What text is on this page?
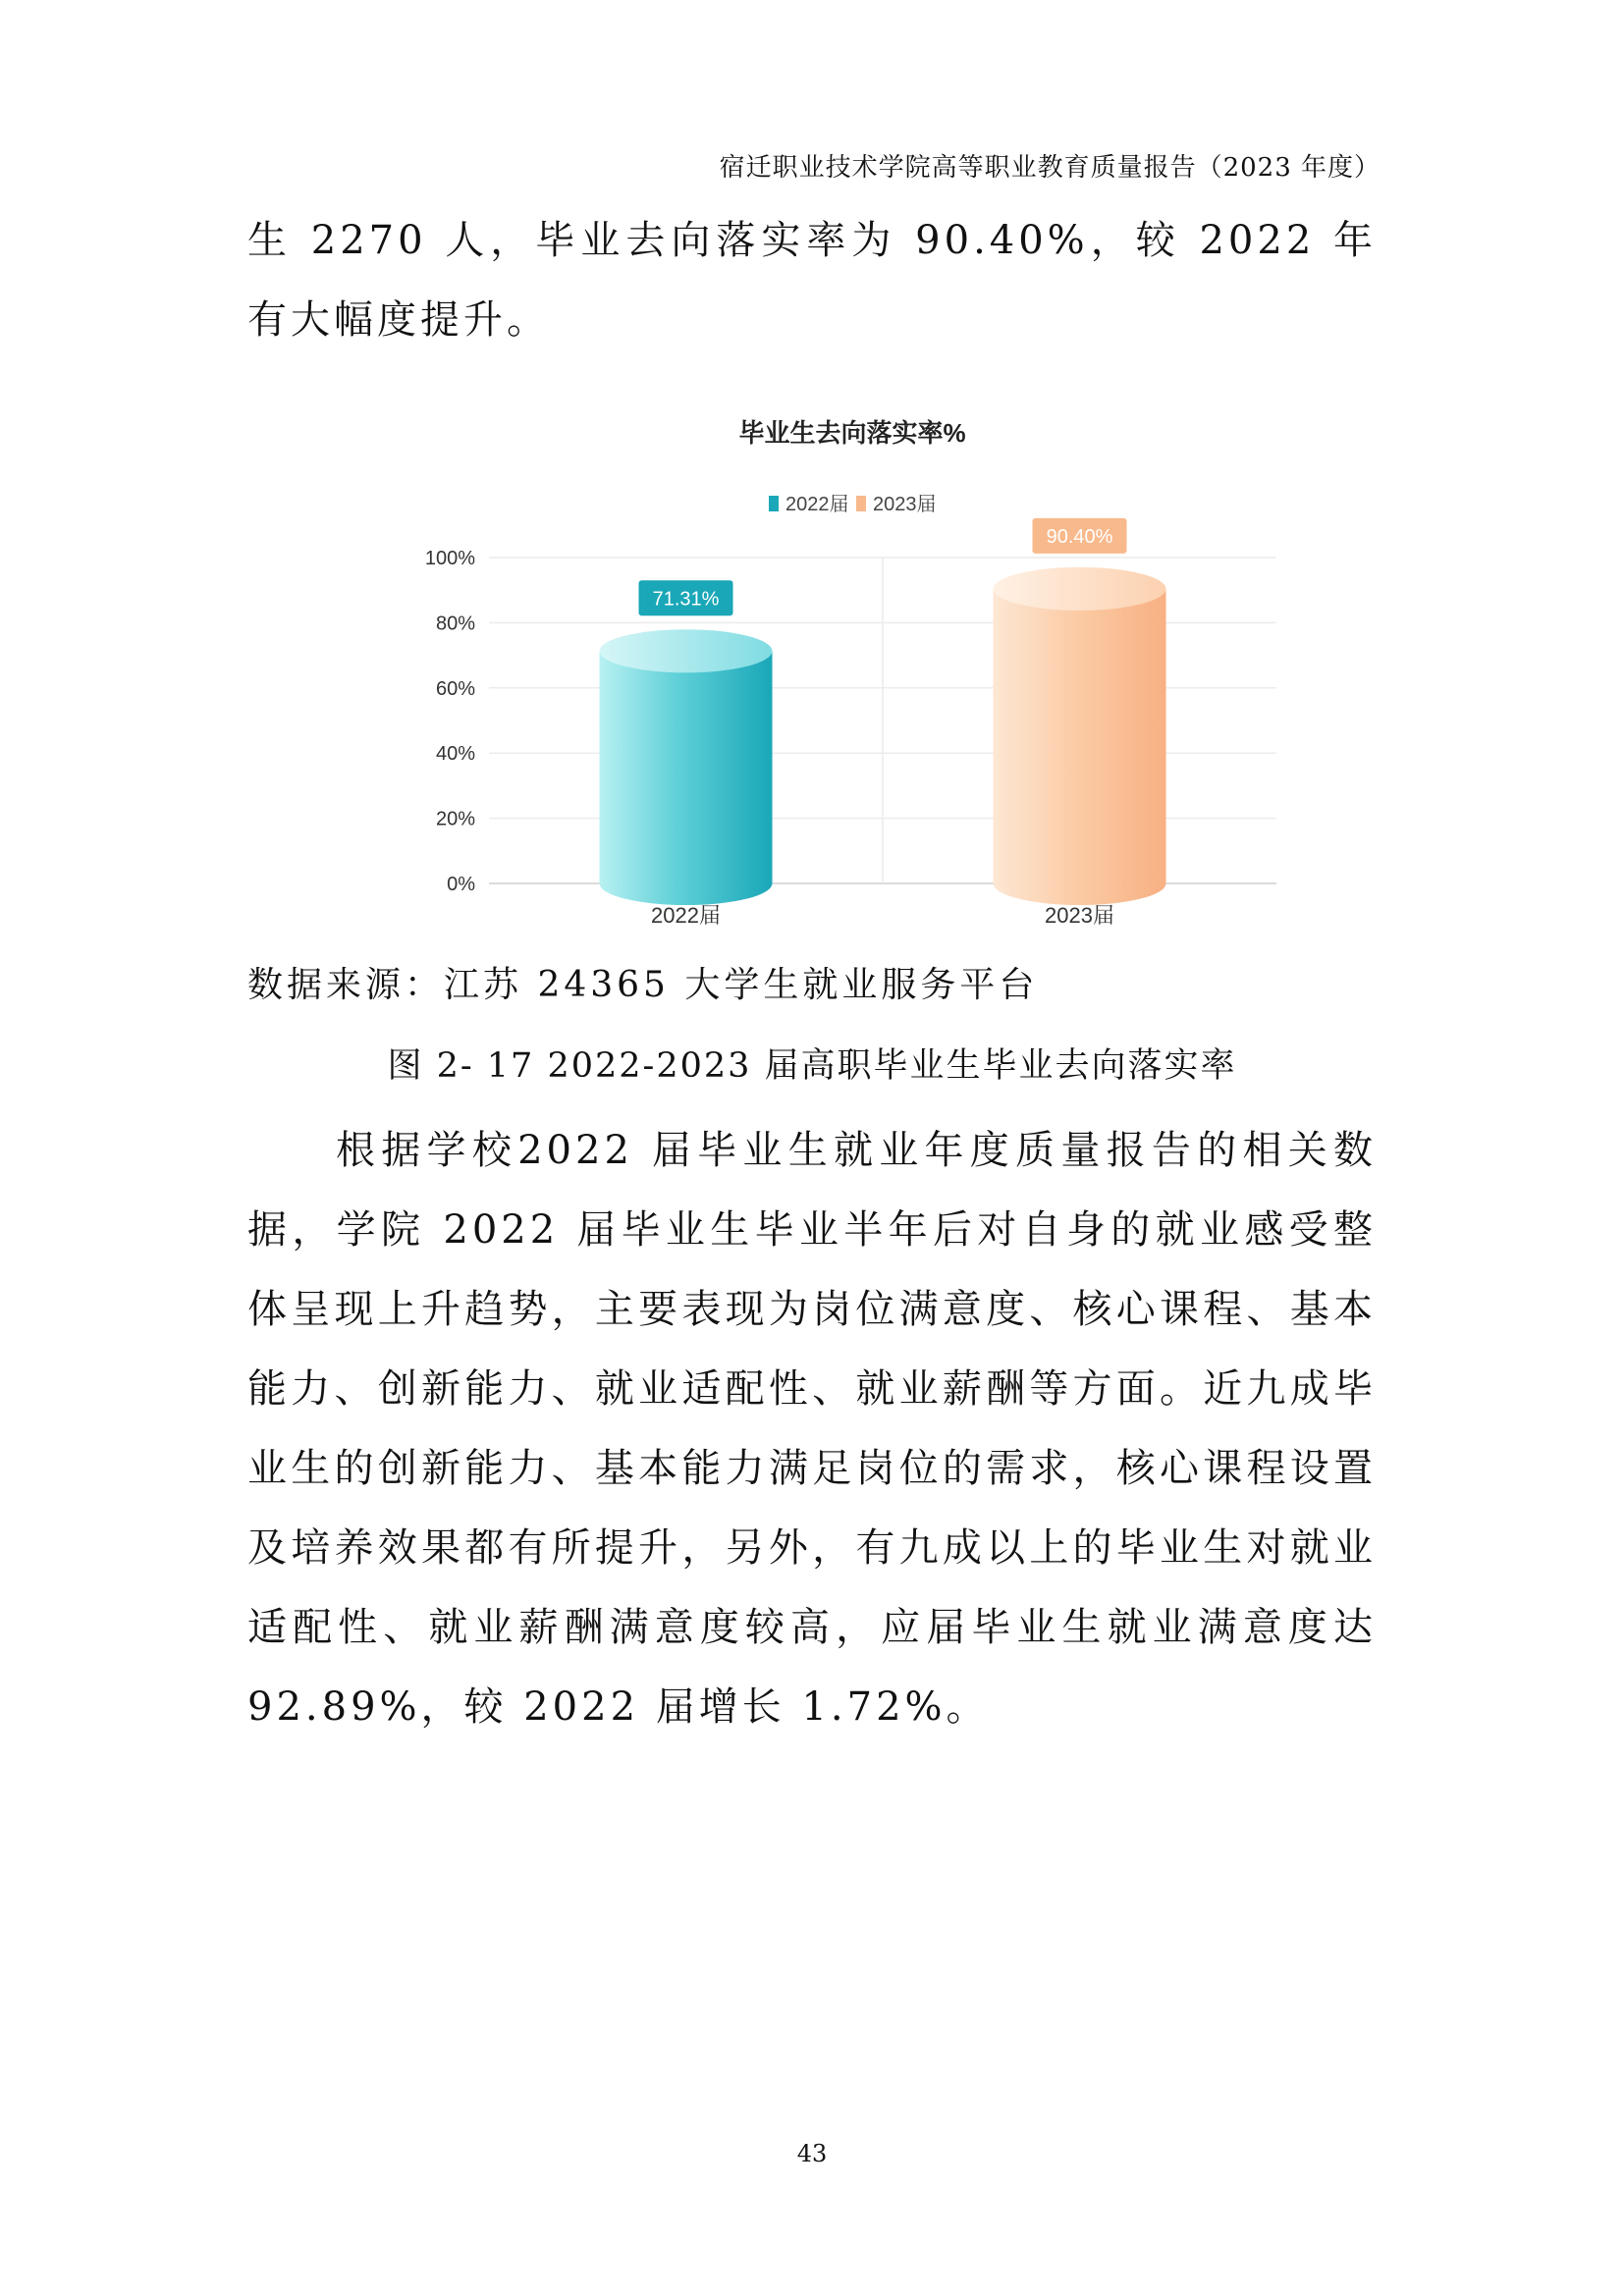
宿迁职业技术学院高等职业教育质量报告（2023 年度）

生 2270 人，毕业去向落实率为 90.40%，较 2022 年有大幅度提升。

毕业生去向落实率%
2022届 2023届
0%
20%
40%
60%
80%
100%
71.31%
90.40%
2022届	2023届
数据来源：江苏 24365 大学生就业服务平台
图 2- 17 2022-2023 届高职毕业生毕业去向落实率

根据学校2022 届毕业生就业年度质量报告的相关数据，学院 2022 届毕业生毕业半年后对自身的就业感受整体呈现上升趋势，主要表现为岗位满意度、核心课程、基本能力、创新能力、就业适配性、就业薪酬等方面。近九成毕业生的创新能力、基本能力满足岗位的需求，核心课程设置及培养效果都有所提升，另外，有九成以上的毕业生对就业适配性、就业薪酬满意度较高，应届毕业生就业满意度达 92.89%，较 2022 届增长 1.72%。

43
